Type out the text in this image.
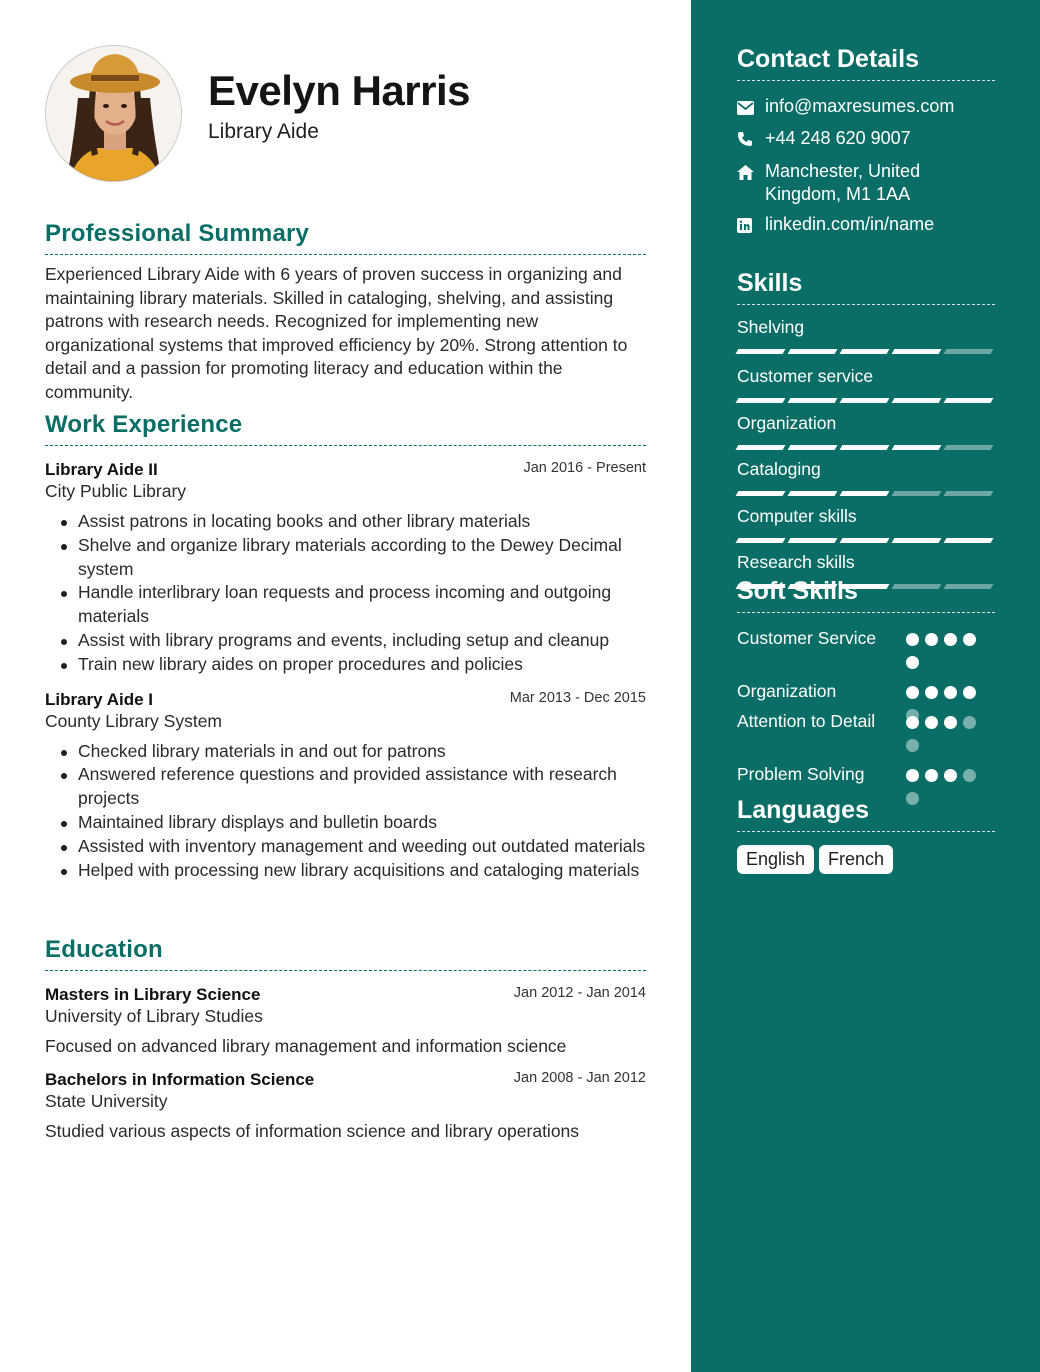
Evelyn Harris
Library Aide
Professional Summary
Experienced Library Aide with 6 years of proven success in organizing and maintaining library materials. Skilled in cataloging, shelving, and assisting patrons with research needs. Recognized for implementing new organizational systems that improved efficiency by 20%. Strong attention to detail and a passion for promoting literacy and education within the community.
Work Experience
Library Aide II
City Public Library
Jan 2016 - Present
Assist patrons in locating books and other library materials
Shelve and organize library materials according to the Dewey Decimal system
Handle interlibrary loan requests and process incoming and outgoing materials
Assist with library programs and events, including setup and cleanup
Train new library aides on proper procedures and policies
Library Aide I
County Library System
Mar 2013 - Dec 2015
Checked library materials in and out for patrons
Answered reference questions and provided assistance with research projects
Maintained library displays and bulletin boards
Assisted with inventory management and weeding out outdated materials
Helped with processing new library acquisitions and cataloging materials
Education
Masters in Library Science
University of Library Studies
Jan 2012 - Jan 2014
Focused on advanced library management and information science
Bachelors in Information Science
State University
Jan 2008 - Jan 2012
Studied various aspects of information science and library operations
Contact Details
info@maxresumes.com
+44 248 620 9007
Manchester, United Kingdom, M1 1AA
linkedin.com/in/name
Skills
Shelving
Customer service
Organization
Cataloging
Computer skills
Research skills
Soft Skills
Customer Service
Organization
Attention to Detail
Problem Solving
Languages
English French
